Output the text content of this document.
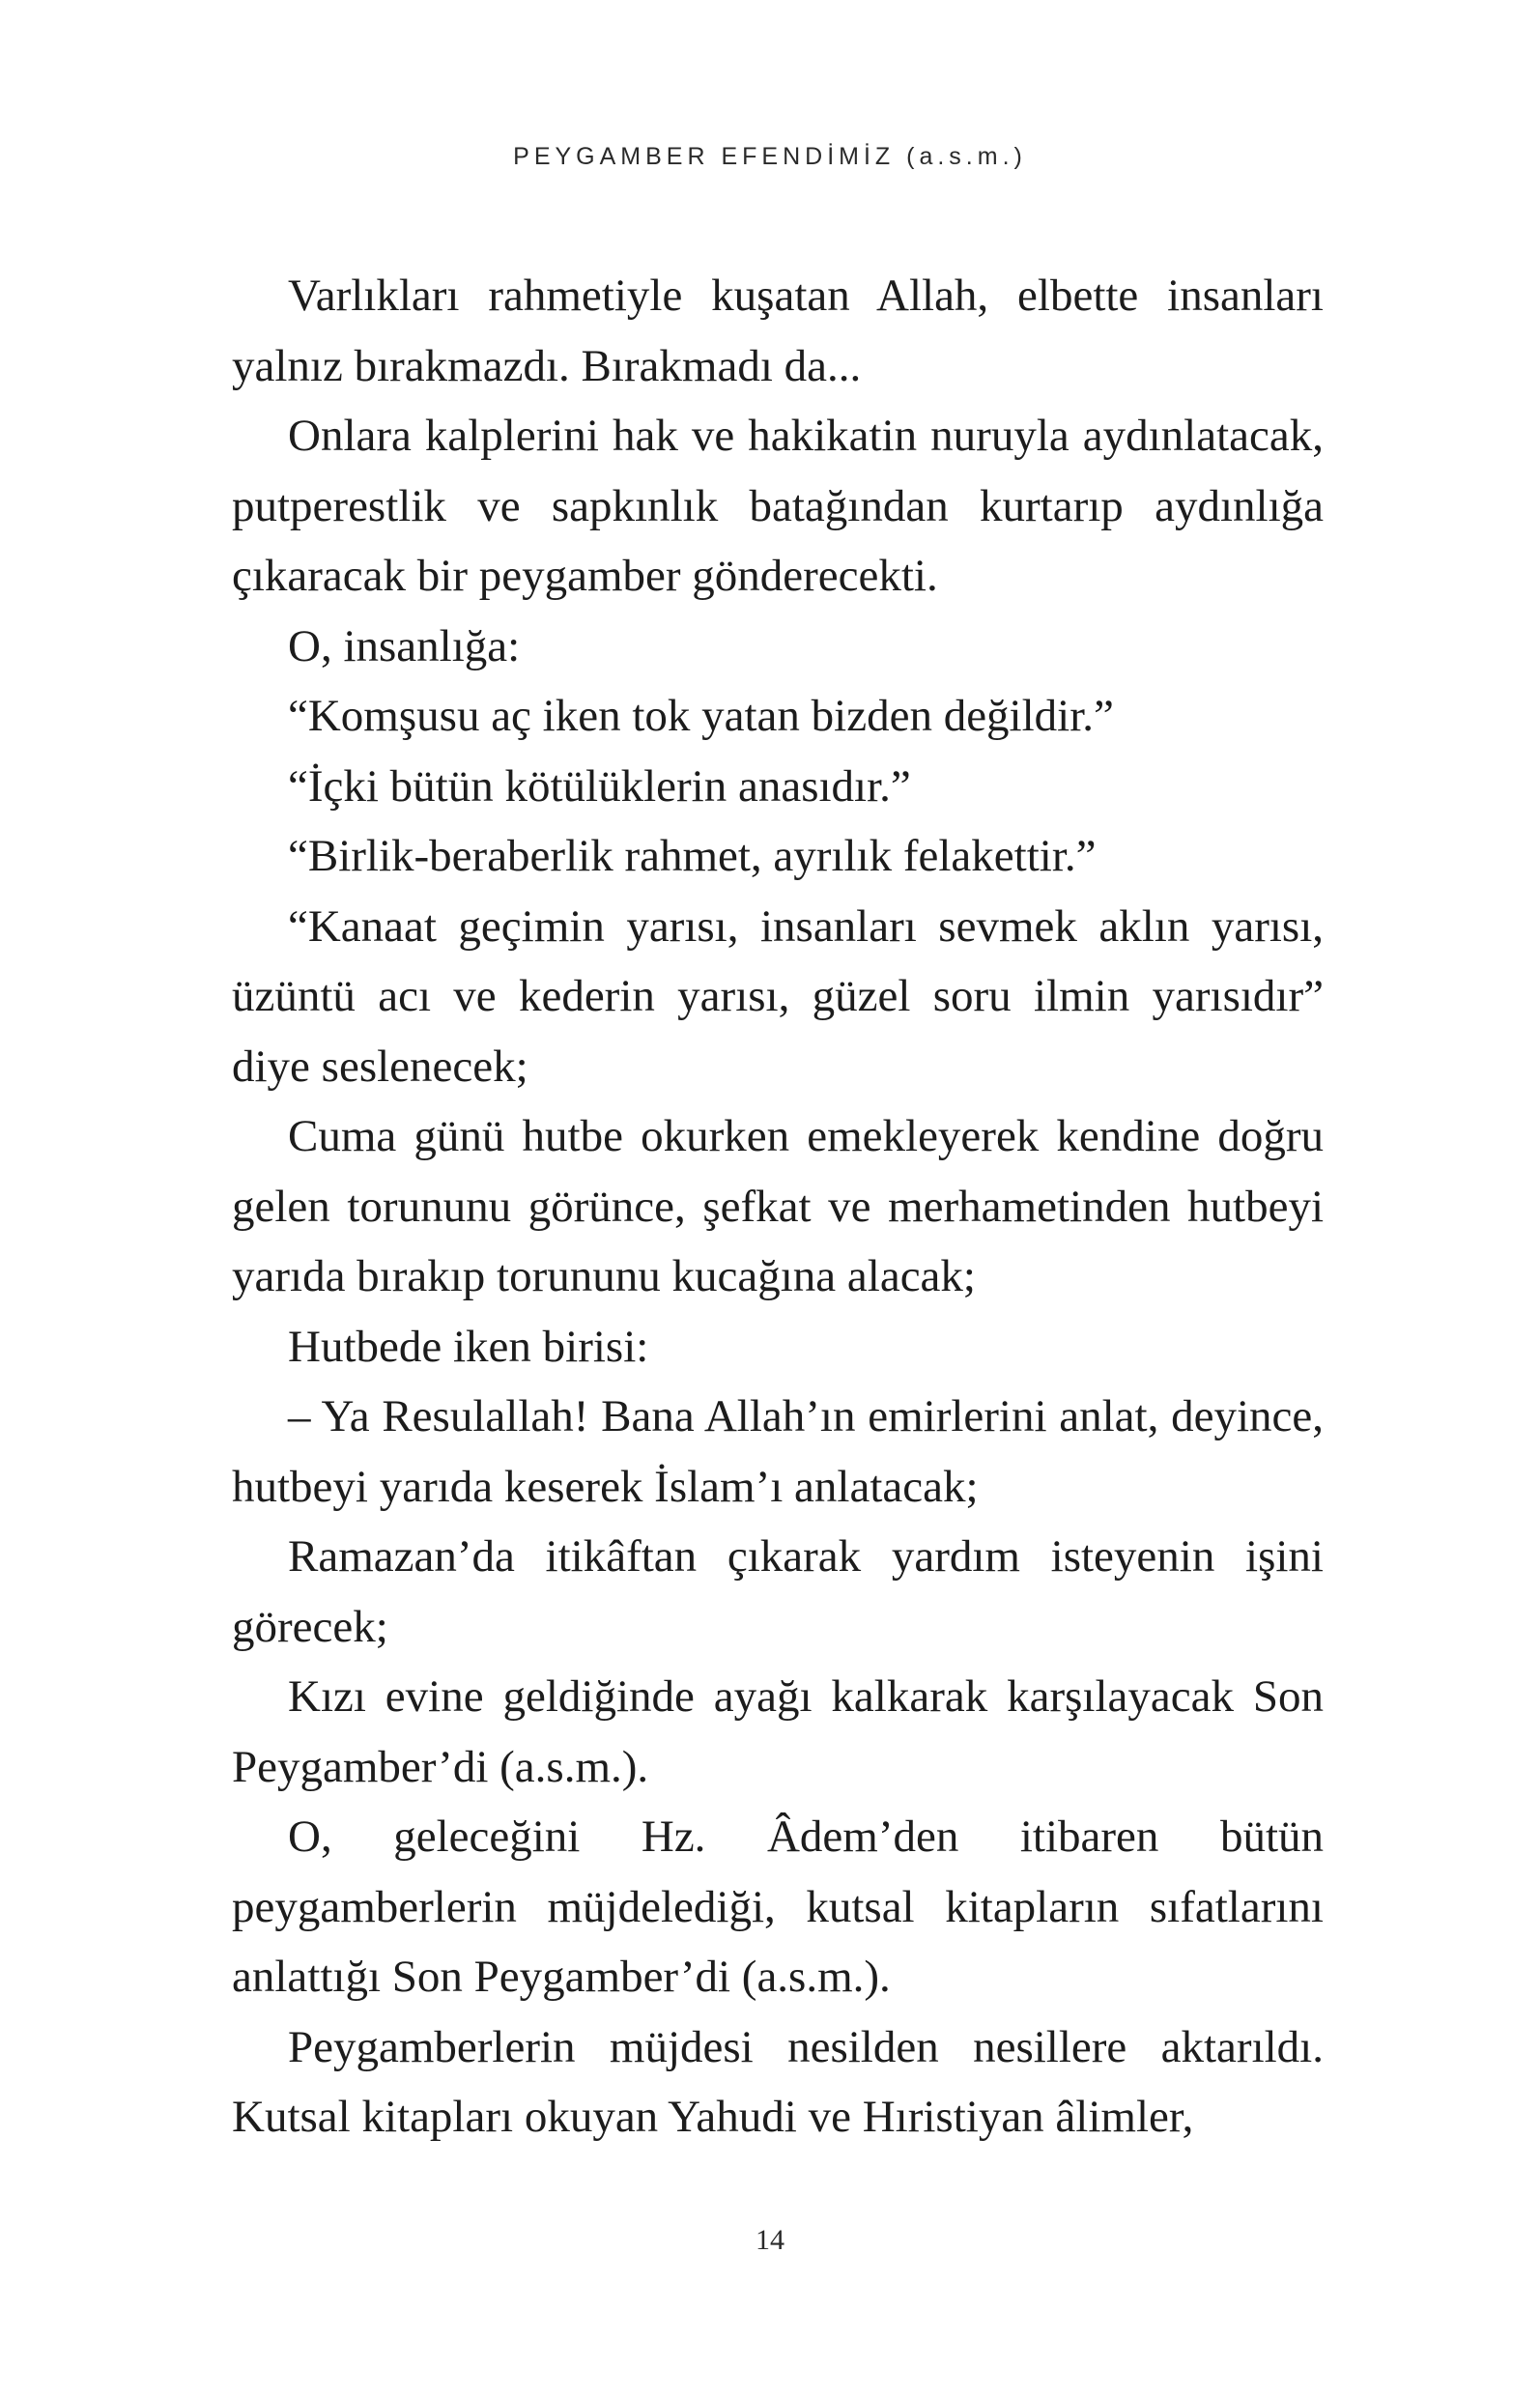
PEYGAMBER EFENDİMİZ (a.s.m.)

Varlıkları rahmetiyle kuşatan Allah, elbette insanları yalnız bırakmazdı. Bırakmadı da...

Onlara kalplerini hak ve hakikatin nuruyla aydınlatacak, putperestlik ve sapkınlık batağından kurtarıp aydınlığa çıkaracak bir peygamber gönderecekti.

O, insanlığa:

“Komşusu aç iken tok yatan bizden değildir.”

“İçki bütün kötülüklerin anasıdır.”

“Birlik-beraberlik rahmet, ayrılık felakettir.”

“Kanaat geçimin yarısı, insanları sevmek aklın yarısı, üzüntü acı ve kederin yarısı, güzel soru ilmin yarısıdır” diye seslenecek;

Cuma günü hutbe okurken emekleyerek kendine doğru gelen torununu görünce, şefkat ve merhametinden hutbeyi yarıda bırakıp torununu kucağına alacak;

Hutbede iken birisi:

– Ya Resulallah! Bana Allah’ın emirlerini anlat, deyince, hutbeyi yarıda keserek İslam’ı anlatacak;

Ramazan’da itikâftan çıkarak yardım isteyenin işini görecek;

Kızı evine geldiğinde ayağı kalkarak karşılayacak Son Peygamber’di (a.s.m.).

O, geleceğini Hz. Âdem’den itibaren bütün peygamberlerin müjdelediği, kutsal kitapların sıfatlarını anlattığı Son Peygamber’di (a.s.m.).

Peygamberlerin müjdesi nesilden nesillere aktarıldı. Kutsal kitapları okuyan Yahudi ve Hıristiyan âlimler,

14
